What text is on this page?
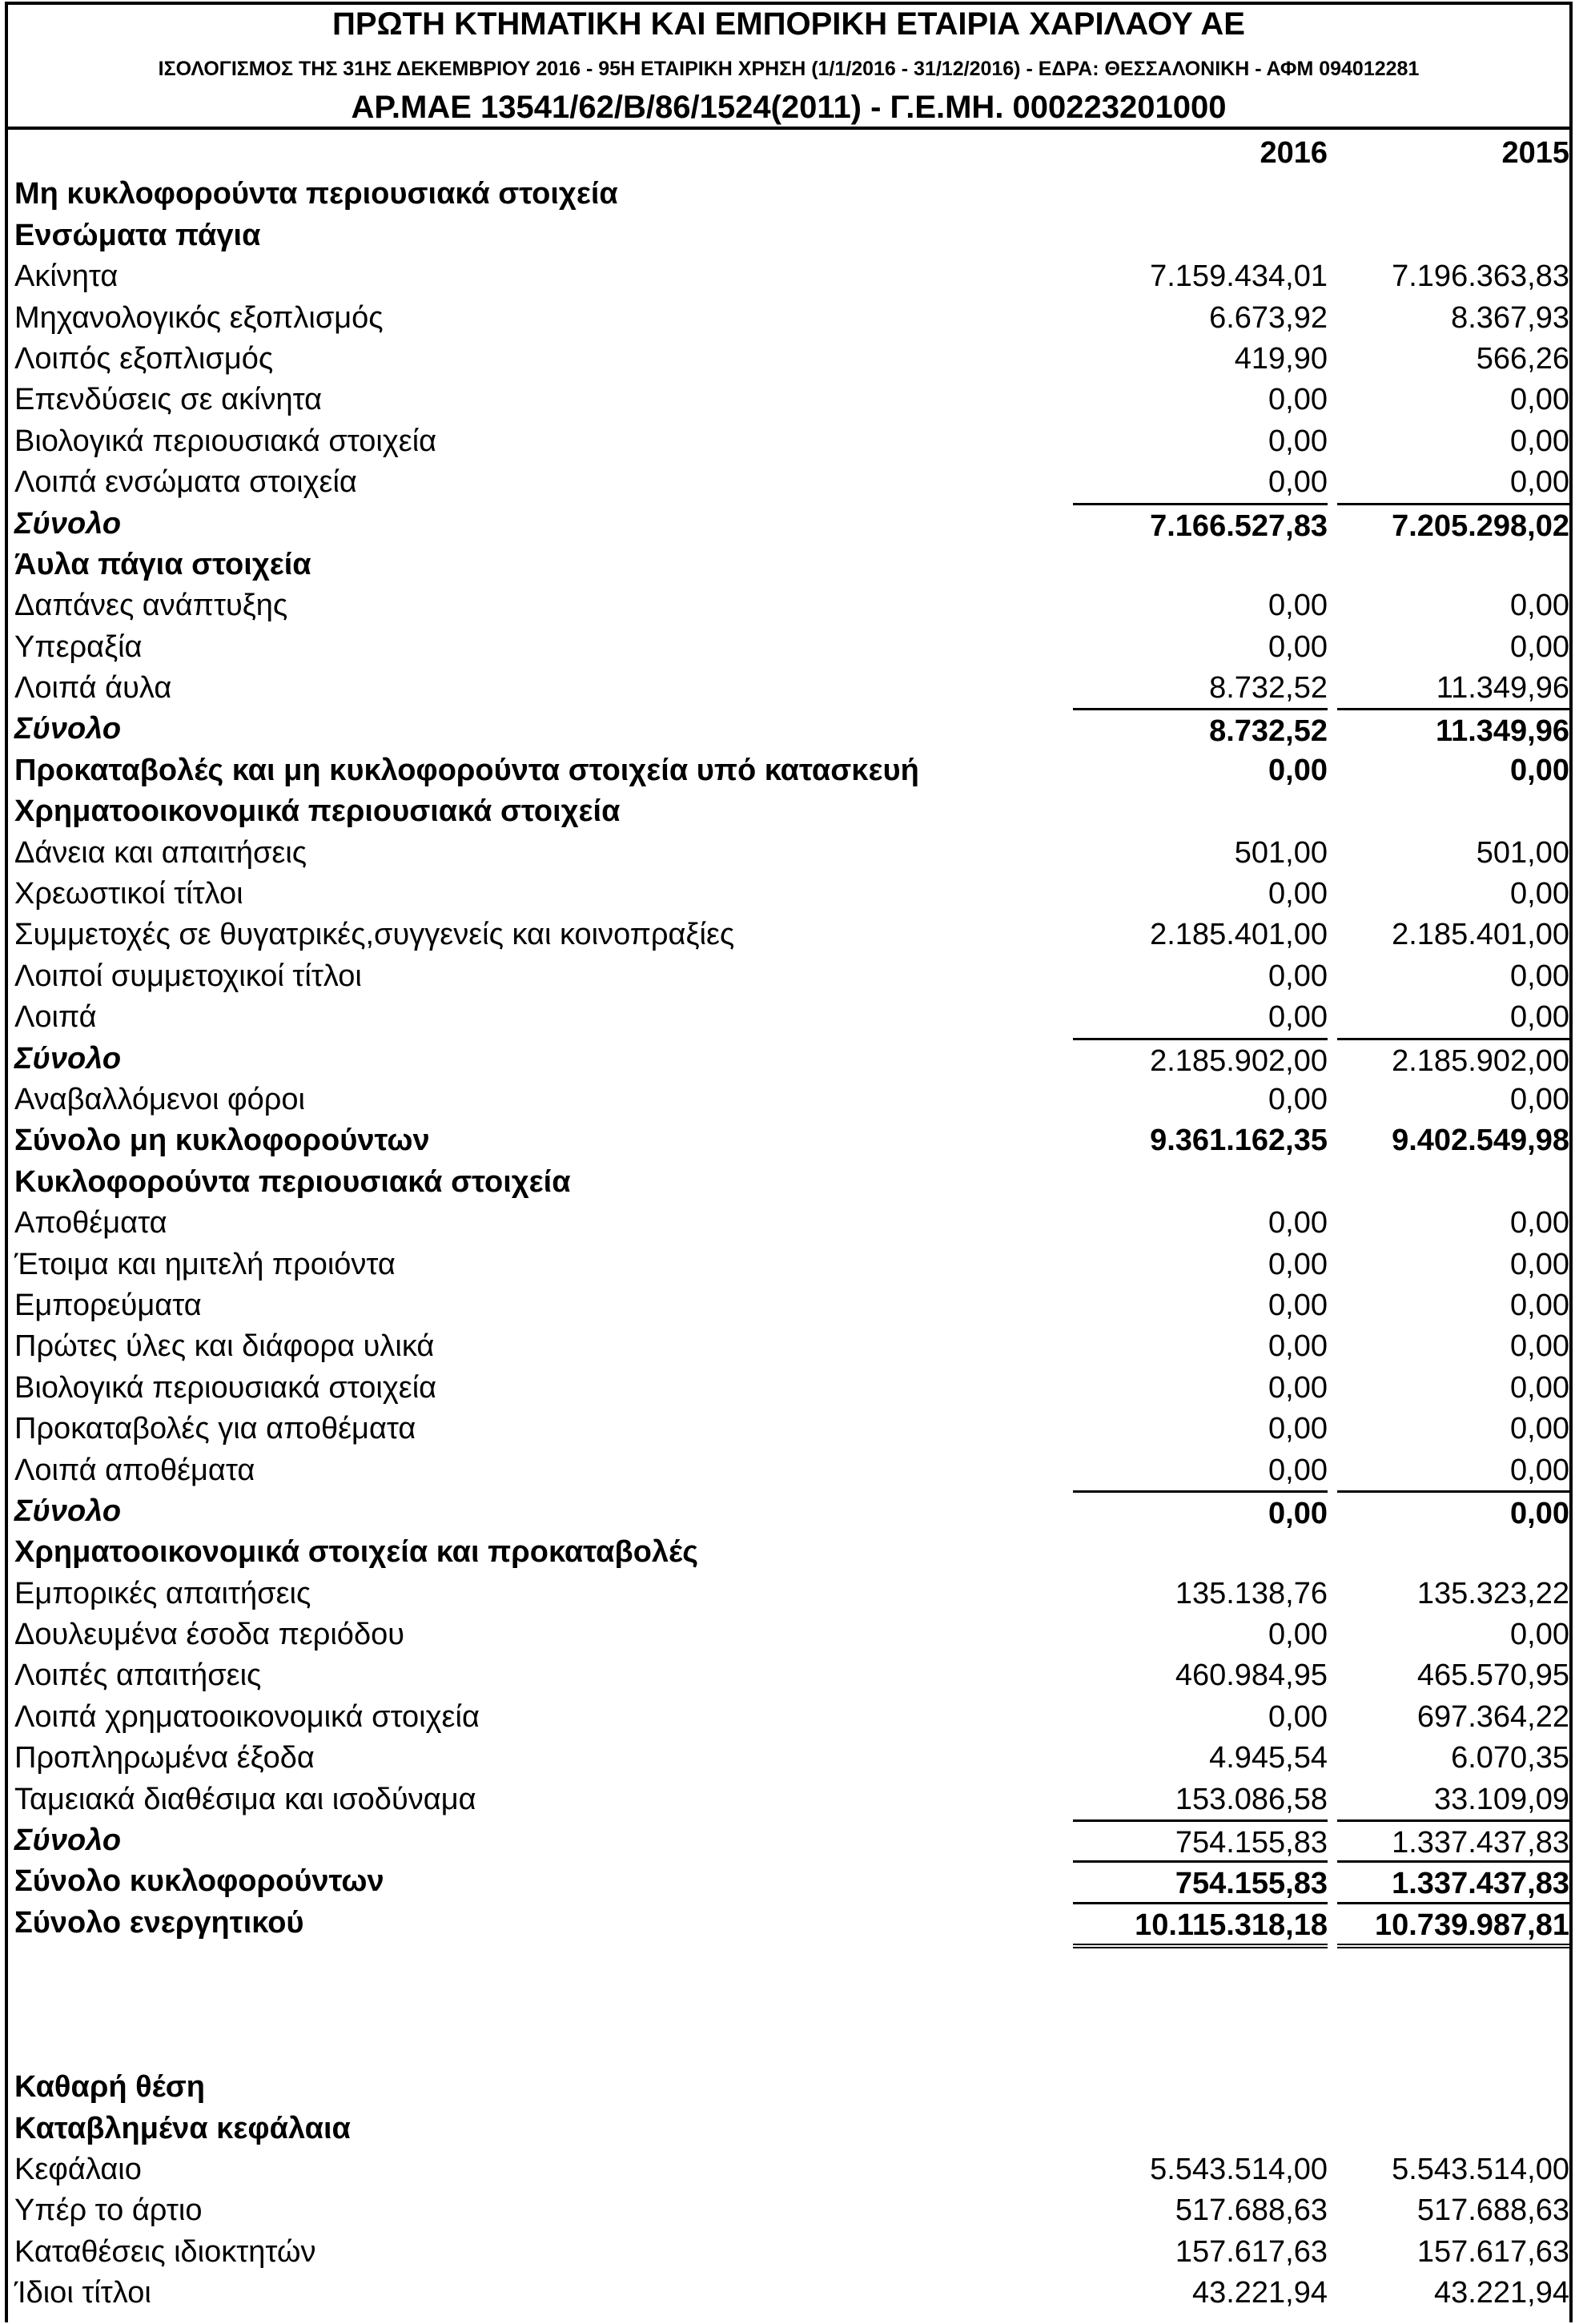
ΠΡΩΤΗ ΚΤΗΜΑΤΙΚΗ ΚΑΙ ΕΜΠΟΡΙΚΗ ΕΤΑΙΡΙΑ ΧΑΡΙΛΑΟΥ ΑΕ
ΙΣΟΛΟΓΙΣΜΟΣ ΤΗΣ 31ΗΣ ΔΕΚΕΜΒΡΙΟΥ 2016 - 95Η ΕΤΑΙΡΙΚΗ ΧΡΗΣΗ (1/1/2016 - 31/12/2016) - ΕΔΡΑ: ΘΕΣΣΑΛΟΝΙΚΗ - ΑΦΜ 094012281
ΑΡ.ΜΑΕ 13541/62/Β/86/1524(2011) - Γ.Ε.ΜΗ. 000223201000
2016	2015
Μη κυκλοφορούντα περιουσιακά στοιχεία
Ενσώματα πάγια
Ακίνητα	7.159.434,01	7.196.363,83
Μηχανολογικός εξοπλισμός	6.673,92	8.367,93
Λοιπός εξοπλισμός	419,90	566,26
Επενδύσεις σε ακίνητα	0,00	0,00
Βιολογικά περιουσιακά στοιχεία	0,00	0,00
Λοιπά ενσώματα στοιχεία	0,00	0,00
Σύνολο	7.166.527,83	7.205.298,02
Άυλα πάγια στοιχεία
Δαπάνες ανάπτυξης	0,00	0,00
Υπεραξία	0,00	0,00
Λοιπά άυλα	8.732,52	11.349,96
Σύνολο	8.732,52	11.349,96
Προκαταβολές και μη κυκλοφορούντα στοιχεία υπό κατασκευή	0,00	0,00
Χρηματοοικονομικά περιουσιακά στοιχεία
Δάνεια και απαιτήσεις	501,00	501,00
Χρεωστικοί τίτλοι	0,00	0,00
Συμμετοχές σε θυγατρικές,συγγενείς και κοινοπραξίες	2.185.401,00	2.185.401,00
Λοιποί συμμετοχικοί τίτλοι	0,00	0,00
Λοιπά	0,00	0,00
Σύνολο	2.185.902,00	2.185.902,00
Αναβαλλόμενοι φόροι	0,00	0,00
Σύνολο μη κυκλοφορούντων	9.361.162,35	9.402.549,98
Κυκλοφορούντα περιουσιακά στοιχεία
Αποθέματα	0,00	0,00
Έτοιμα και ημιτελή προιόντα	0,00	0,00
Εμπορεύματα	0,00	0,00
Πρώτες ύλες και διάφορα υλικά	0,00	0,00
Βιολογικά περιουσιακά στοιχεία	0,00	0,00
Προκαταβολές για αποθέματα	0,00	0,00
Λοιπά αποθέματα	0,00	0,00
Σύνολο	0,00	0,00
Χρηματοοικονομικά στοιχεία και προκαταβολές
Εμπορικές απαιτήσεις	135.138,76	135.323,22
Δουλευμένα έσοδα περιόδου	0,00	0,00
Λοιπές απαιτήσεις	460.984,95	465.570,95
Λοιπά χρηματοοικονομικά στοιχεία	0,00	697.364,22
Προπληρωμένα έξοδα	4.945,54	6.070,35
Ταμειακά διαθέσιμα και ισοδύναμα	153.086,58	33.109,09
Σύνολο	754.155,83	1.337.437,83
Σύνολο κυκλοφορούντων	754.155,83	1.337.437,83
Σύνολο ενεργητικού	10.115.318,18	10.739.987,81
Καθαρή θέση
Καταβλημένα κεφάλαια
Κεφάλαιο	5.543.514,00	5.543.514,00
Υπέρ το άρτιο	517.688,63	517.688,63
Καταθέσεις ιδιοκτητών	157.617,63	157.617,63
Ίδιοι τίτλοι	43.221,94	43.221,94
